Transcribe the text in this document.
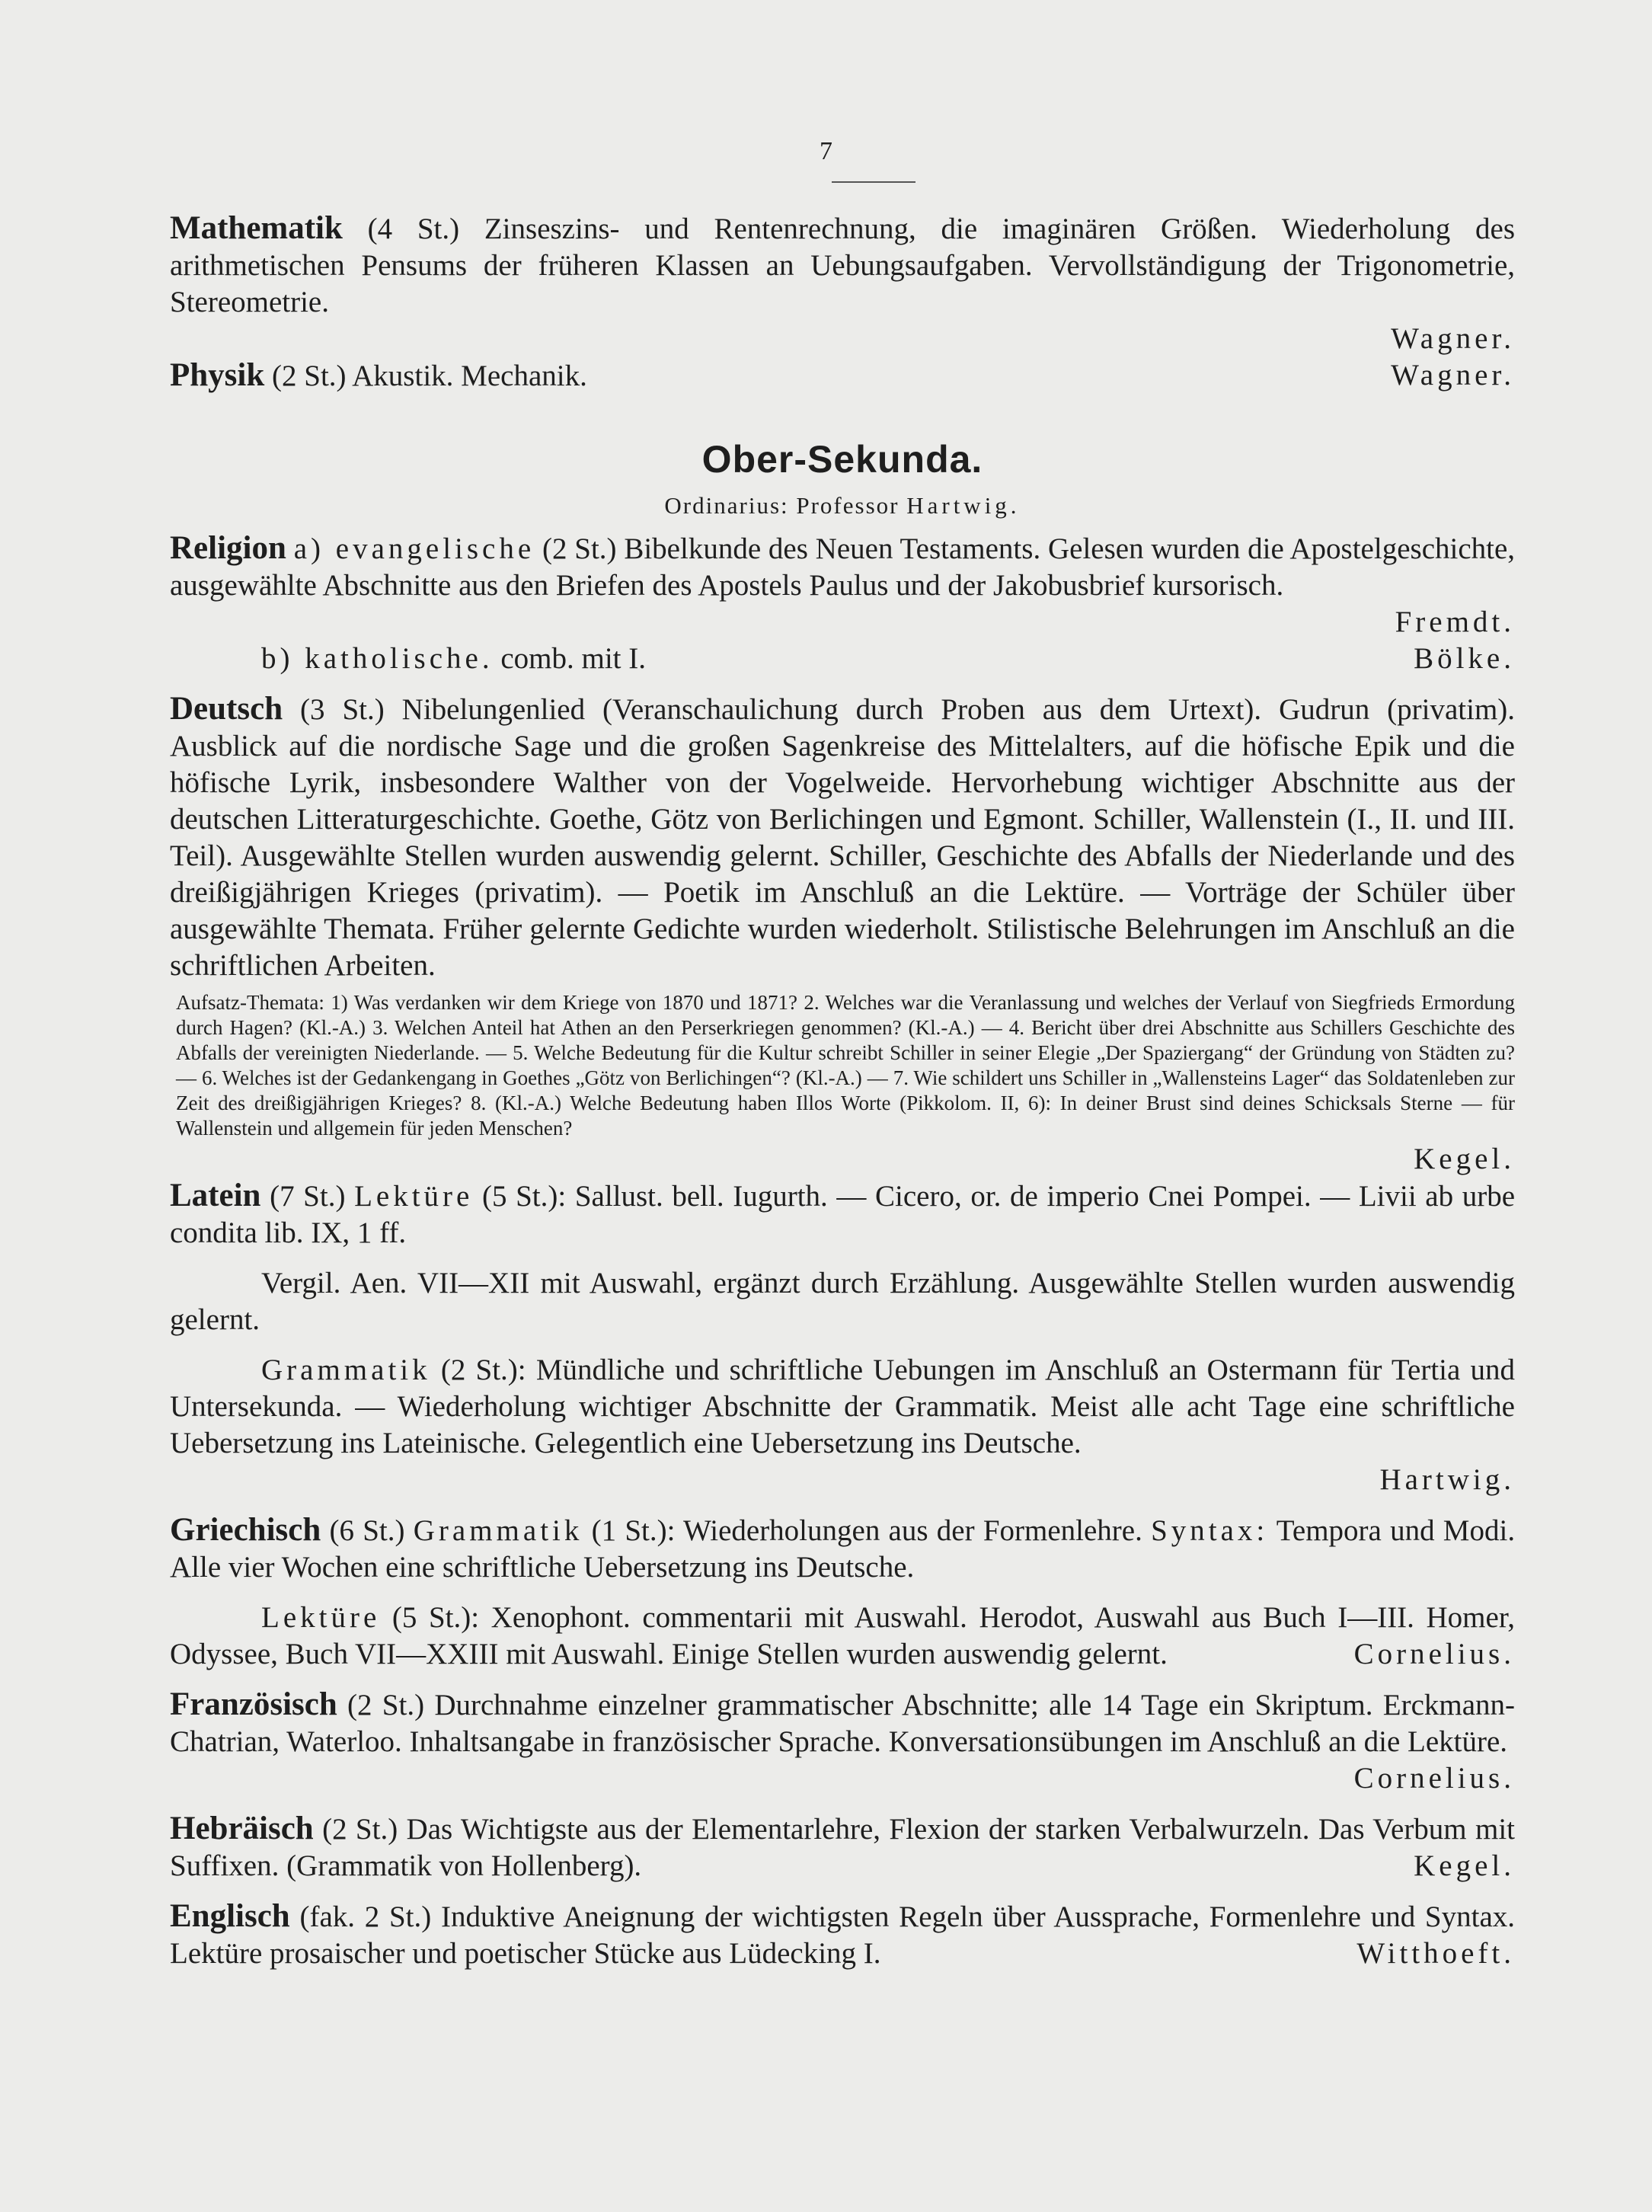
7

Mathematik (4 St.) Zinseszins- und Rentenrechnung, die imaginären Größen. Wiederholung des arithmetischen Pensums der früheren Klassen an Uebungsaufgaben. Vervollständigung der Trigonometrie, Stereometrie.

Wagner.

Wagner.
Physik (2 St.) Akustik. Mechanik.

Ober-Sekunda.
Ordinarius: Professor Hartwig.

Religion a) evangelische (2 St.) Bibelkunde des Neuen Testaments. Gelesen wurden die Apostelgeschichte, ausgewählte Abschnitte aus den Briefen des Apostels Paulus und der Jakobusbrief kursorisch.

Fremdt.

Bölke.
b) katholische. comb. mit I.

Deutsch (3 St.) Nibelungenlied (Veranschaulichung durch Proben aus dem Urtext). Gudrun (privatim). Ausblick auf die nordische Sage und die großen Sagenkreise des Mittelalters, auf die höfische Epik und die höfische Lyrik, insbesondere Walther von der Vogelweide. Hervorhebung wichtiger Abschnitte aus der deutschen Litteraturgeschichte. Goethe, Götz von Berlichingen und Egmont. Schiller, Wallenstein (I., II. und III. Teil). Ausgewählte Stellen wurden auswendig gelernt. Schiller, Geschichte des Abfalls der Niederlande und des dreißigjährigen Krieges (privatim). — Poetik im Anschluß an die Lektüre. — Vorträge der Schüler über ausgewählte Themata. Früher gelernte Gedichte wurden wiederholt. Stilistische Belehrungen im Anschluß an die schriftlichen Arbeiten.

Aufsatz-Themata: 1) Was verdanken wir dem Kriege von 1870 und 1871? 2. Welches war die Veranlassung und welches der Verlauf von Siegfrieds Ermordung durch Hagen? (Kl.-A.) 3. Welchen Anteil hat Athen an den Perserkriegen genommen? (Kl.-A.) — 4. Bericht über drei Abschnitte aus Schillers Geschichte des Abfalls der vereinigten Niederlande. — 5. Welche Bedeutung für die Kultur schreibt Schiller in seiner Elegie „Der Spaziergang“ der Gründung von Städten zu? — 6. Welches ist der Gedankengang in Goethes „Götz von Berlichingen“? (Kl.-A.) — 7. Wie schildert uns Schiller in „Wallensteins Lager“ das Soldatenleben zur Zeit des dreißigjährigen Krieges? 8. (Kl.-A.) Welche Bedeutung haben Illos Worte (Pikkolom. II, 6): In deiner Brust sind deines Schicksals Sterne — für Wallenstein und allgemein für jeden Menschen?

Kegel.

Latein (7 St.) Lektüre (5 St.): Sallust. bell. Iugurth. — Cicero, or. de imperio Cnei Pompei. — Livii ab urbe condita lib. IX, 1 ff.

Vergil. Aen. VII—XII mit Auswahl, ergänzt durch Erzählung. Ausgewählte Stellen wurden auswendig gelernt.

Grammatik (2 St.): Mündliche und schriftliche Uebungen im Anschluß an Ostermann für Tertia und Untersekunda. — Wiederholung wichtiger Abschnitte der Grammatik. Meist alle acht Tage eine schriftliche Uebersetzung ins Lateinische. Gelegentlich eine Uebersetzung ins Deutsche.

Hartwig.

Griechisch (6 St.) Grammatik (1 St.): Wiederholungen aus der Formenlehre. Syntax: Tempora und Modi. Alle vier Wochen eine schriftliche Uebersetzung ins Deutsche.

Lektüre (5 St.): Xenophont. commentarii mit Auswahl. Herodot, Auswahl aus Buch I—III. Homer, Odyssee, Buch VII—XXIII mit Auswahl. Einige Stellen wurden auswendig gelernt.	Cornelius.

Französisch (2 St.) Durchnahme einzelner grammatischer Abschnitte; alle 14 Tage ein Skriptum. Erckmann-Chatrian, Waterloo. Inhaltsangabe in französischer Sprache. Konversationsübungen im Anschluß an die Lektüre.
Cornelius.

Hebräisch (2 St.) Das Wichtigste aus der Elementarlehre, Flexion der starken Verbalwurzeln. Das Verbum mit Suffixen. (Grammatik von Hollenberg).	Kegel.

Englisch (fak. 2 St.) Induktive Aneignung der wichtigsten Regeln über Aussprache, Formenlehre und Syntax. Lektüre prosaischer und poetischer Stücke aus Lüdecking I.	Witthoeft.
